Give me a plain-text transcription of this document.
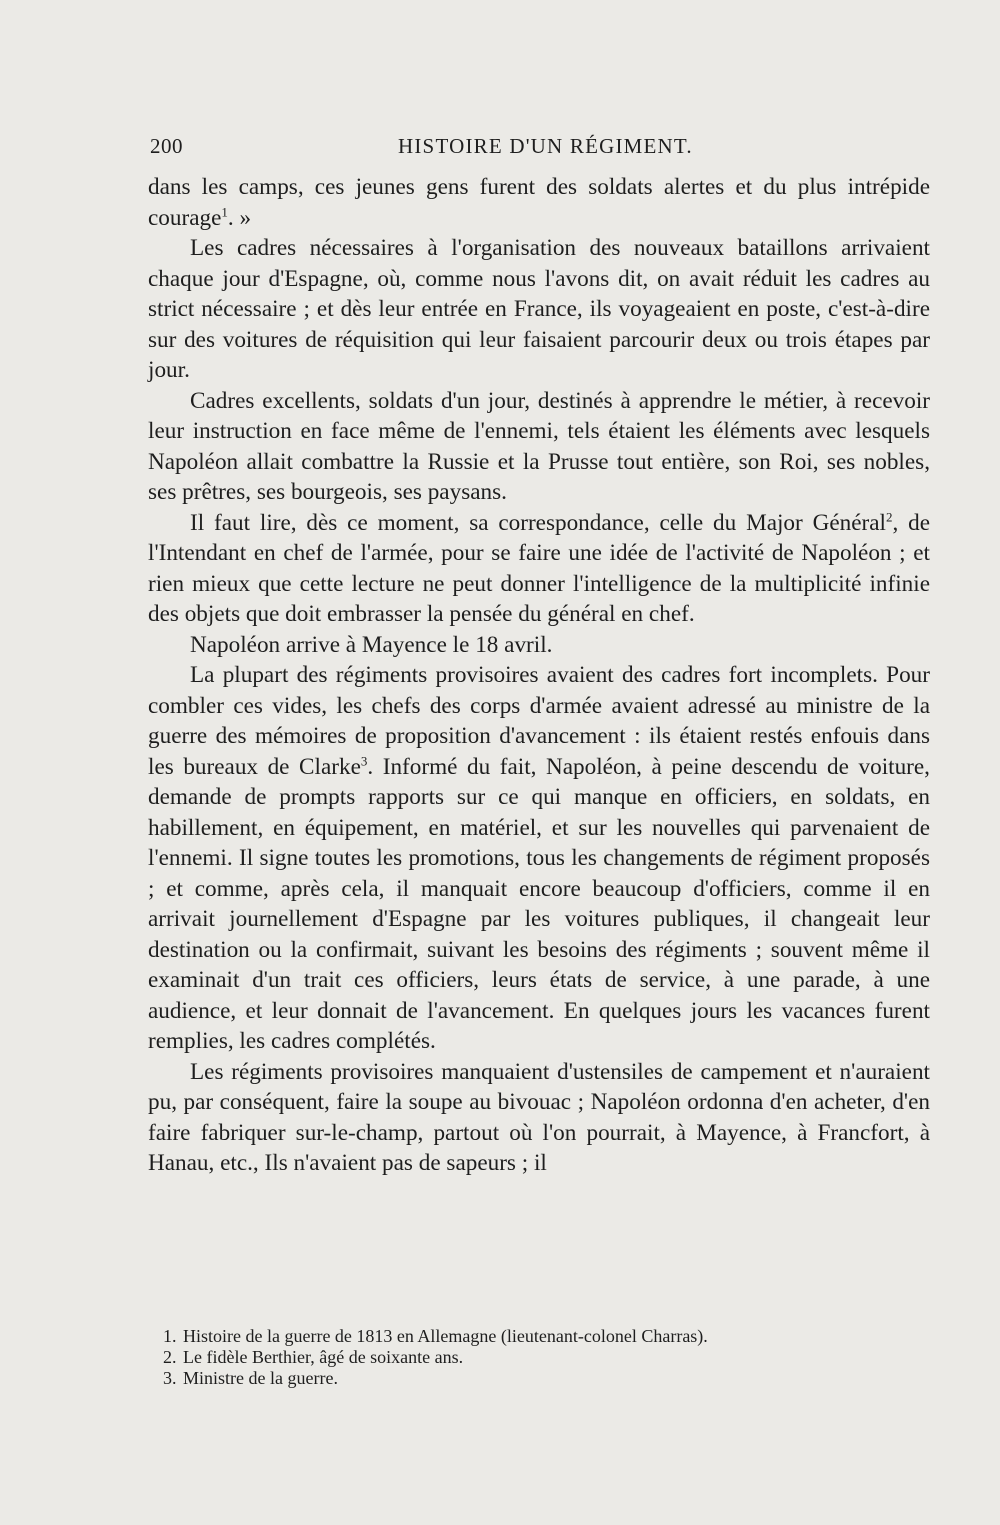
200	HISTOIRE D'UN RÉGIMENT.

dans les camps, ces jeunes gens furent des soldats alertes et du plus intrépide courage$^1$. »

Les cadres nécessaires à l'organisation des nouveaux bataillons arrivaient chaque jour d'Espagne, où, comme nous l'avons dit, on avait réduit les cadres au strict nécessaire ; et dès leur entrée en France, ils voyageaient en poste, c'est-à-dire sur des voitures de réquisition qui leur faisaient parcourir deux ou trois étapes par jour.

Cadres excellents, soldats d'un jour, destinés à apprendre le métier, à recevoir leur instruction en face même de l'ennemi, tels étaient les éléments avec lesquels Napoléon allait combattre la Russie et la Prusse tout entière, son Roi, ses nobles, ses prêtres, ses bourgeois, ses paysans.

Il faut lire, dès ce moment, sa correspondance, celle du Major Général$^2$, de l'Intendant en chef de l'armée, pour se faire une idée de l'activité de Napoléon ; et rien mieux que cette lecture ne peut donner l'intelligence de la multiplicité infinie des objets que doit embrasser la pensée du général en chef.

Napoléon arrive à Mayence le 18 avril.

La plupart des régiments provisoires avaient des cadres fort incomplets. Pour combler ces vides, les chefs des corps d'armée avaient adressé au ministre de la guerre des mémoires de proposition d'avancement : ils étaient restés enfouis dans les bureaux de Clarke$^3$. Informé du fait, Napoléon, à peine descendu de voiture, demande de prompts rapports sur ce qui manque en officiers, en soldats, en habillement, en équipement, en matériel, et sur les nouvelles qui parvenaient de l'ennemi. Il signe toutes les promotions, tous les changements de régiment proposés ; et comme, après cela, il manquait encore beaucoup d'officiers, comme il en arrivait journellement d'Espagne par les voitures publiques, il changeait leur destination ou la confirmait, suivant les besoins des régiments ; souvent même il examinait d'un trait ces officiers, leurs états de service, à une parade, à une audience, et leur donnait de l'avancement. En quelques jours les vacances furent remplies, les cadres complétés.

Les régiments provisoires manquaient d'ustensiles de campement et n'auraient pu, par conséquent, faire la soupe au bivouac ; Napoléon ordonna d'en acheter, d'en faire fabriquer sur-le-champ, partout où l'on pourrait, à Mayence, à Francfort, à Hanau, etc., Ils n'avaient pas de sapeurs ; il

1. Histoire de la guerre de 1813 en Allemagne (lieutenant-colonel Charras).

2. Le fidèle Berthier, âgé de soixante ans.

3. Ministre de la guerre.
